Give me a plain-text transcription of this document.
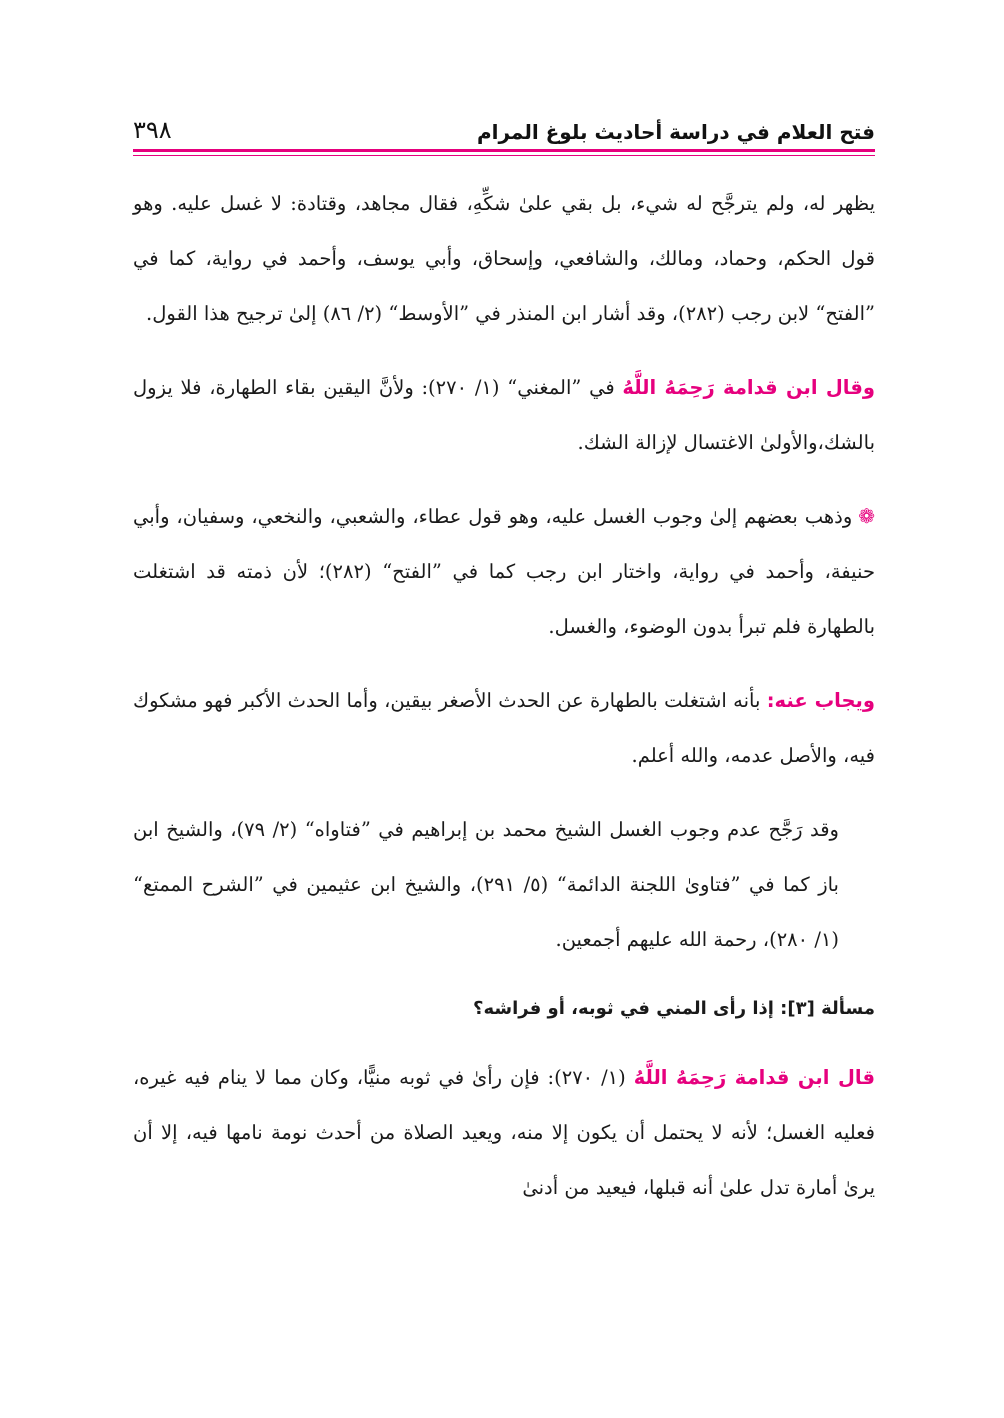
فتح العلام في دراسة أحاديث بلوغ المرام
٣٩٨

يظهر له، ولم يترجَّح له شيء، بل بقي علىٰ شكِّهِ، فقال مجاهد، وقتادة: لا غسل عليه. وهو قول الحكم، وحماد، ومالك، والشافعي، وإسحاق، وأبي يوسف، وأحمد في رواية، كما في ”الفتح“ لابن رجب (٢٨٢)، وقد أشار ابن المنذر في ”الأوسط“ (٢/ ٨٦) إلىٰ ترجيح هذا القول.

وقال ابن قدامة رَحِمَهُ اللَّهُ في ”المغني“ (١/ ٢٧٠): ولأنَّ اليقين بقاء الطهارة، فلا يزول بالشك،والأولىٰ الاغتسال لإزالة الشك.

❁وذهب بعضهم إلىٰ وجوب الغسل عليه، وهو قول عطاء، والشعبي، والنخعي، وسفيان، وأبي حنيفة، وأحمد في رواية، واختار ابن رجب كما في ”الفتح“ (٢٨٢)؛ لأن ذمته قد اشتغلت بالطهارة فلم تبرأ بدون الوضوء، والغسل.

ويجاب عنه: بأنه اشتغلت بالطهارة عن الحدث الأصغر بيقين، وأما الحدث الأكبر فهو مشكوك فيه، والأصل عدمه، والله أعلم.

وقد رَجَّح عدم وجوب الغسل الشيخ محمد بن إبراهيم في ”فتاواه“ (٢/ ٧٩)، والشيخ ابن باز كما في ”فتاوىٰ اللجنة الدائمة“ (٥/ ٢٩١)، والشيخ ابن عثيمين في ”الشرح الممتع“ (١/ ٢٨٠)، رحمة الله عليهم أجمعين.

مسألة [٣]: إذا رأى المني في ثوبه، أو فراشه؟

قال ابن قدامة رَحِمَهُ اللَّهُ (١/ ٢٧٠): فإن رأىٰ في ثوبه منيًّا، وكان مما لا ينام فيه غيره، فعليه الغسل؛ لأنه لا يحتمل أن يكون إلا منه، ويعيد الصلاة من أحدث نومة نامها فيه، إلا أن يرىٰ أمارة تدل علىٰ أنه قبلها، فيعيد من أدنىٰ
